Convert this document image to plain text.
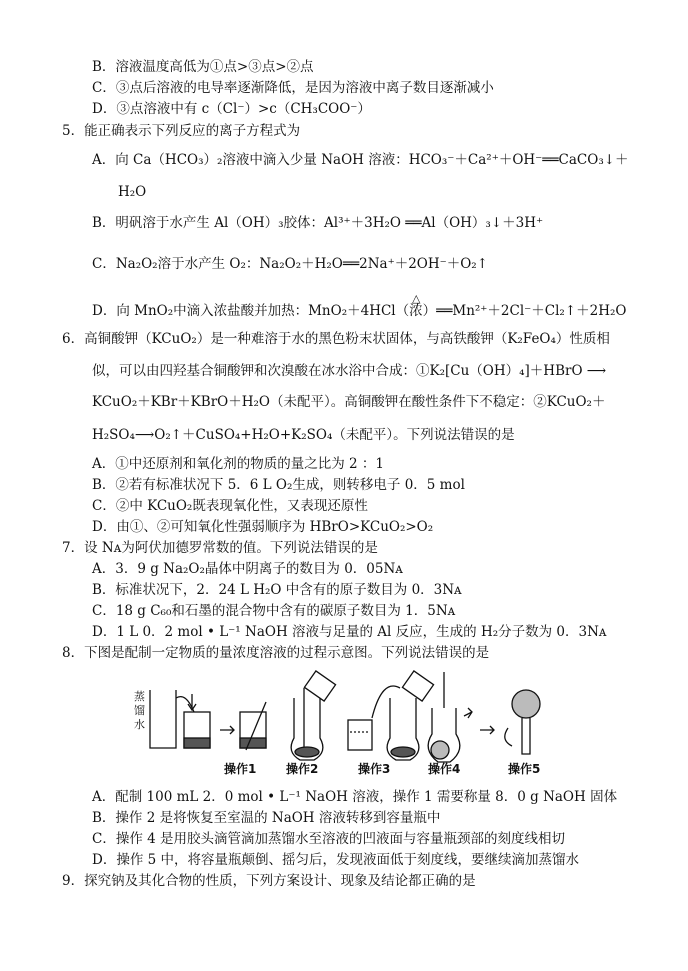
B．溶液温度高低为①点>③点>②点
C．③点后溶液的电导率逐渐降低，是因为溶液中离子数目逐渐减小
D．③点溶液中有 c（Cl⁻）>c（CH₃COO⁻）
5．能正确表示下列反应的离子方程式为
A．向 Ca（HCO₃）₂溶液中滴入少量 NaOH 溶液：HCO₃⁻＋Ca²⁺＋OH⁻══CaCO₃↓＋
H₂O
B．明矾溶于水产生 Al（OH）₃胶体：Al³⁺＋3H₂O ══Al（OH）₃↓＋3H⁺
C．Na₂O₂溶于水产生 O₂：Na₂O₂＋H₂O══2Na⁺＋2OH⁻＋O₂↑
△
D．向 MnO₂中滴入浓盐酸并加热：MnO₂＋4HCl（浓）══Mn²⁺＋2Cl⁻＋Cl₂↑＋2H₂O
6．高铜酸钾（KCuO₂）是一种难溶于水的黑色粉末状固体，与高铁酸钾（K₂FeO₄）性质相
似，可以由四羟基合铜酸钾和次溴酸在冰水浴中合成：①K₂[Cu（OH）₄]＋HBrO ⟶
KCuO₂＋KBr＋KBrO＋H₂O（未配平）。高铜酸钾在酸性条件下不稳定：②KCuO₂＋
H₂SO₄⟶O₂↑＋CuSO₄+H₂O+K₂SO₄（未配平）。下列说法错误的是
A．①中还原剂和氧化剂的物质的量之比为 2 ：1
B．②若有标准状况下 5．6 L O₂生成，则转移电子 0．5 mol
C．②中 KCuO₂既表现氧化性，又表现还原性
D．由①、②可知氧化性强弱顺序为 HBrO>KCuO₂>O₂
7．设 Nᴀ为阿伏加德罗常数的值。下列说法错误的是
A．3．9 g Na₂O₂晶体中阴离子的数目为 0．05Nᴀ
B．标准状况下，2．24 L H₂O 中含有的原子数目为 0．3Nᴀ
C．18 g C₆₀和石墨的混合物中含有的碳原子数目为 1．5Nᴀ
D．1 L 0．2 mol • L⁻¹ NaOH 溶液与足量的 Al 反应，生成的 H₂分子数为 0．3Nᴀ
8．下图是配制一定物质的量浓度溶液的过程示意图。下列说法错误的是
蒸
馏
水
操作1 操作2	操作3	操作4	操作5
A．配制 100 mL 2．0 mol • L⁻¹ NaOH 溶液，操作 1 需要称量 8．0 g NaOH 固体
B．操作 2 是将恢复至室温的 NaOH 溶液转移到容量瓶中
C．操作 4 是用胶头滴管滴加蒸馏水至溶液的凹液面与容量瓶颈部的刻度线相切
D．操作 5 中，将容量瓶颠倒、摇匀后，发现液面低于刻度线，要继续滴加蒸馏水
9．探究钠及其化合物的性质，下列方案设计、现象及结论都正确的是
